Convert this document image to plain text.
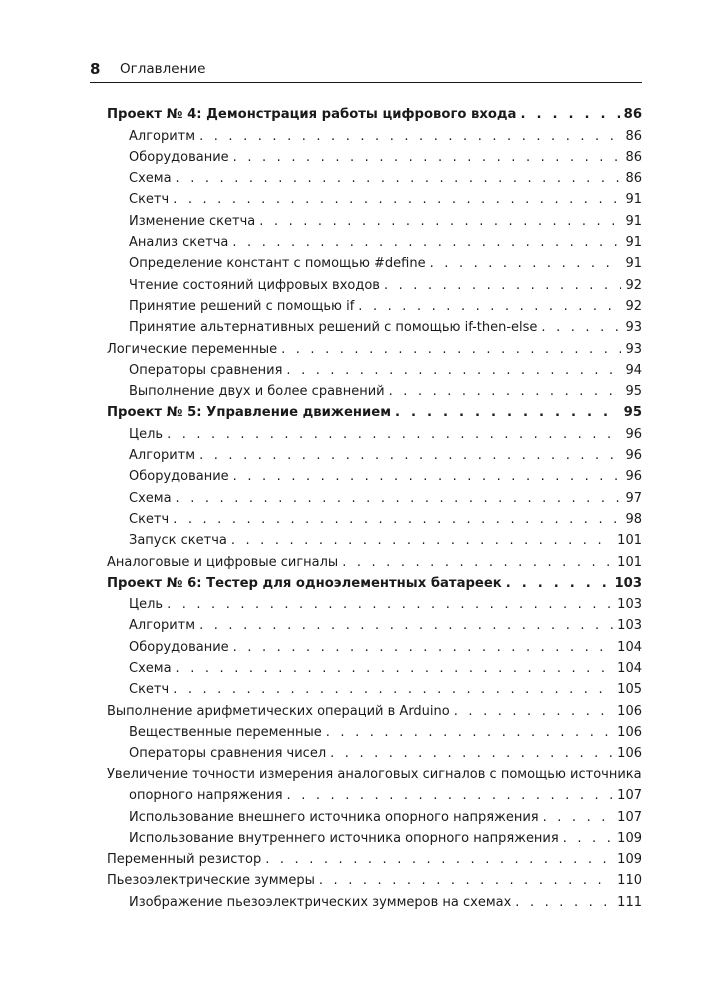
8 Оглавление
Проект № 4: Демонстрация работы цифрового входа . . .	86
Алгоритм . . .	86
Оборудование . . .	86
Схема . . .	86
Скетч . . .	91
Изменение скетча . . .	91
Анализ скетча . . .	91
Определение констант с помощью #define . . .	91
Чтение состояний цифровых входов . . .	92
Принятие решений с помощью if . . .	92
Принятие альтернативных решений с помощью if-then-else . . .	93
Логические переменные . . .	93
Операторы сравнения . . .	94
Выполнение двух и более сравнений . . .	95
Проект № 5: Управление движением . . .	95
Цель . . .	96
Алгоритм . . .	96
Оборудование . . .	96
Схема . . .	97
Скетч . . .	98
Запуск скетча . . .	101
Аналоговые и цифровые сигналы . . .	101
Проект № 6: Тестер для одноэлементных батареек . . .	103
Цель . . .	103
Алгоритм . . .	103
Оборудование . . .	104
Схема . . .	104
Скетч . . .	105
Выполнение арифметических операций в Arduino . . .	106
Вещественные переменные . . .	106
Операторы сравнения чисел . . .	106
Увеличение точности измерения аналоговых сигналов с помощью источника
опорного напряжения . . .	107
Использование внешнего источника опорного напряжения . . .	107
Использование внутреннего источника опорного напряжения . . .	109
Переменный резистор . . .	109
Пьезоэлектрические зуммеры . . .	110
Изображение пьезоэлектрических зуммеров на схемах . . .	111
